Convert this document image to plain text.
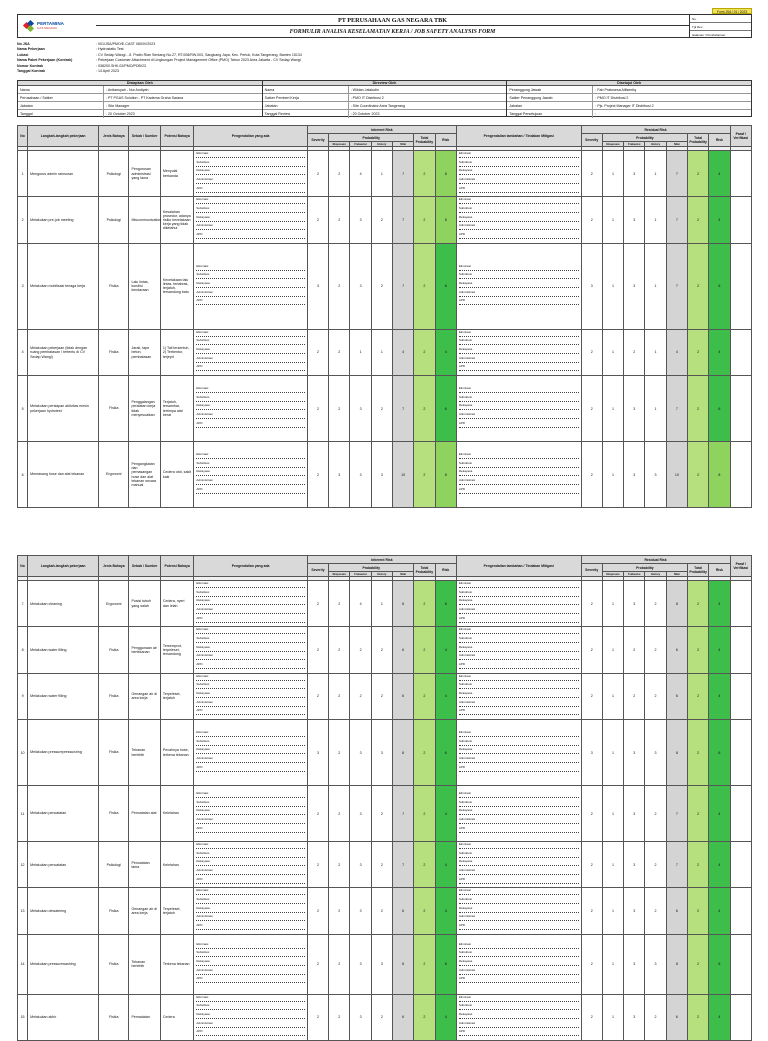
Form JSA / 01 / 2023
PERTAMINA
GAS NEGARA
PT PERUSAHAAN GAS NEGARA TBK
FORMULIR ANALISA KESELAMATAN KERJA / JOB SAFETY ANALYSIS FORM
No.
Tgl Rev.
Halaman / Pembaharuan
No JSA	: 001/JSA/PMO/E-CAST 080/IV/2023
Nama Pekerjaan	: Hydrostatic Test
Lokasi	: CV Sedap Wangi - Jl. Pratin Rlan Sentang No.27, RT.008/RW.003, Sangkang Jaya, Kec. Periuk, Kota Tangerang, Banten 15134
Nama Paket Pekerjaan (Kontrak)	: Pekerjaan Customer Attachment di Lingkungan Project Management Office (PMO) Tahun 2023 Area Jakarta - CV Sedap Wangi
Nomor Kontrak	: 038200.SHK.02/PMO/PDB/23
Tanggal Kontrak	: 14 April 2023
Disiapkan Oleh
Nama	: Ardiansyah - Nur Andiyah
Perusahaan / Satker	: PT PGAS Solution - PT Kadema Graha Sarana
Jabatan	: Site Manager
Tanggal	: 20 October 2023
Direview Oleh
Nama	: Wildan Jalaludin
Satker Pemberi Kerja	: PMO IT Distribusi 2
Jabatan	: Site Coordinator Area Tangerang
Tanggal Review	: 20 October 2023
Disetujui Oleh
Penanggung Jawab	: Fab Pratusesa Alifsentiq
Satker Penanggung Jawab	: PMO IT Distribusi 2
Jabatan	: Pjs. Project Manager IT Distribusi 2
Tanggal Persetujuan	:
No	Langkah-langkah pekerjaan	Jenis Bahaya	Sebab / Sumber	Potensi Bahaya	Pengendalian yang ada	Inherent Risk							Pengendalian tambahan / Tindakan Mitigasi	Residual Risk							Paraf / Verifikasi
						Severity	Probability				Total Probability	Risk		Severity	Probability				Total Probability	Risk	
							Eksposure	Frekuensi	History	Nilai					Eksposure	Frekuensi	History	Nilai			

1	Mengurus admin ramsuran	Psikologi	Pengurusan administrasi yang lama	Menyulai berkanda	Eliminasi
Substitusi
Rekayasa
Administrasi
APD	2	2	4	1	7	2	8	Eliminasi
Substitusi
Rekayasa
Administrasi
APD	2	1	3	1	7	2	4	
2	Melakukan pre-job meeting	Psikologi	Miscommunication	Kesalahan prosedur, adanya risiko kecelakaan kerja yang tidak diketahui	Eliminasi
Substitusi
Rekayasa
Administrasi
APD	2	2	3	2	7	2	8	Eliminasi
Substitusi
Rekayasa
Administrasi
APD	2	1	3	1	7	2	4	
3	Melakukan mobilisasi tenaga kerja	Fisika	Lalu lintas, kondisi kendaraan	Kecelakaan lalu lintas, tertabrak, terjatuh, tersandung batu	Eliminasi
Substitusi
Rekayasa
Administrasi
APD	3	2	3	2	7	2	6	Eliminasi
Substitusi
Rekayasa
Administrasi
APD	3	1	3	1	7	2	6	
4	Melakukan pekerjaan (tidak dengan ruang pembatasan / tertentu di CV Sedap Wangi)	Fisika	Jarak, tape beton, pembatasan	1) Tali tersentuh, 2) Terbentur, terjepit	Eliminasi
Substitusi
Rekayasa
Administrasi
APD	2	2	1	1	4	2	4	Eliminasi
Substitusi
Rekayasa
Administrasi
APD	2	1	2	1	4	2	4	
5	Melakukan persiapan aktivitas mesin pekerjaan hydrotest	Fisika	Penggalangan peralatan kerja tidak menyesuaikan	Terjatuh, tersambar, tertimpa alat berat	Eliminasi
Substitusi
Rekayasa
Administrasi
APD	2	2	3	2	7	2	6	Eliminasi
Substitusi
Rekayasa
Administrasi
APD	2	1	3	1	7	2	6	
6	Memasang hose dan alat tekanan	Ergonomi	Pengangkatan dan pemasangan hose dan alat tekanan secara manual	Cedera otot, sakit kaki	Eliminasi
Substitusi
Rekayasa
Administrasi
APD	2	3	3	3	10	2	8	Eliminasi
Substitusi
Rekayasa
Administrasi
APD	2	1	3	3	10	2	8	
No	Langkah-langkah pekerjaan	Jenis Bahaya	Sebab / Sumber	Potensi Bahaya	Pengendalian yang ada	Inherent Risk							Pengendalian tambahan / Tindakan Mitigasi	Residual Risk							Paraf / Verifikasi
						Severity	Probability				Total Probability	Risk		Severity	Probability				Total Probability	Risk	
							Eksposure	Frekuensi	History	Nilai					Eksposure	Frekuensi	History	Nilai			

7	Melakukan cleaning	Ergonomi	Posisi tubuh yang salah	Cedera, nyeri dan lelah	Eliminasi
Substitusi
Rekayasa
Administrasi
APD	2	2	4	1	8	2	6	Eliminasi
Substitusi
Rekayasa
Administrasi
APD	2	1	3	2	8	2	4	
8	Melakukan water filling	Fisika	Penggunaan air bertekanan	Tersemprot, terpeleset, tersandung	Eliminasi
Substitusi
Rekayasa
Administrasi
APD	2	2	2	2	6	2	4	Eliminasi
Substitusi
Rekayasa
Administrasi
APD	2	1	2	2	6	2	4	
9	Melakukan water filling	Fisika	Genangan air di area kerja	Terpeleset, terjatuh	Eliminasi
Substitusi
Rekayasa
Administrasi
APD	2	2	2	2	6	2	4	Eliminasi
Substitusi
Rekayasa
Administrasi
APD	2	1	2	2	6	2	4	
10	Melakukan pressurepressurizing	Fisika	Tekanan berlebih	Pecahnya hose, terkena tekanan	Eliminasi
Substitusi
Rekayasa
Administrasi
APD	3	2	3	3	8	2	6	Eliminasi
Substitusi
Rekayasa
Administrasi
APD	3	1	3	3	8	2	6	
11	Melakukan pencatatan	Fisika	Pencatatan alat	Kelelahan	Eliminasi
Substitusi
Rekayasa
Administrasi
APD	2	2	3	2	7	2	4	Eliminasi
Substitusi
Rekayasa
Administrasi
APD	2	1	3	2	7	2	4	
12	Melakukan pencatatan	Psikologi	Pencatatan lama	Kelelahan	Eliminasi
Substitusi
Rekayasa
Administrasi
APD	2	2	3	2	7	2	4	Eliminasi
Substitusi
Rekayasa
Administrasi
APD	2	1	3	2	7	2	4	
13	Melakukan dewatering	Fisika	Genangan air di area kerja	Terpeleset, terjatuh	Eliminasi
Substitusi
Rekayasa
Administrasi
APD	2	2	3	2	6	2	4	Eliminasi
Substitusi
Rekayasa
Administrasi
APD	2	1	3	2	6	2	4	
14	Melakukan pressurewashing	Fisika	Tekanan berlebih	Terkena tekanan	Eliminasi
Substitusi
Rekayasa
Administrasi
APD	2	2	3	3	8	2	6	Eliminasi
Substitusi
Rekayasa
Administrasi
APD	2	1	3	3	8	2	6	
15	Melakukan akhir	Fisika	Pemadatan	Cedera	Eliminasi
Substitusi
Rekayasa
Administrasi
APD	2	2	3	2	6	2	4	Eliminasi
Substitusi
Rekayasa
Administrasi
APD	2	1	3	2	6	2	4	
